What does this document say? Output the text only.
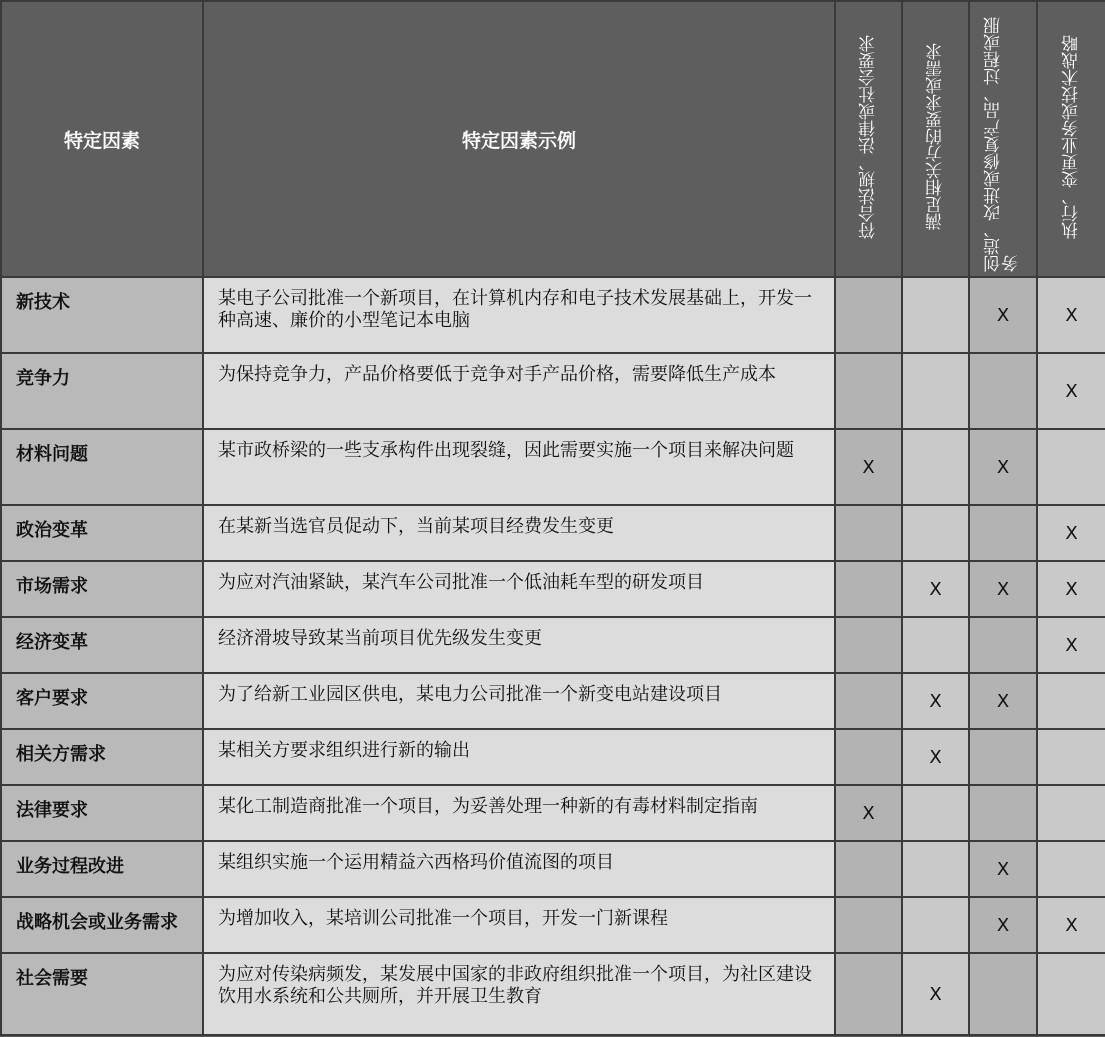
特定因素	特定因素示例	符合法规、法律或社会要求	满足相关方的要求或需求	创造、改进或修复产品、过程或服务	执行、变更业务或技术战略
新技术	某电子公司批准一个新项目，在计算机内存和电子技术发展基础上，开发一种高速、廉价的小型笔记本电脑			X	X
竞争力	为保持竞争力，产品价格要低于竞争对手产品价格，需要降低生产成本				X
材料问题	某市政桥梁的一些支承构件出现裂缝，因此需要实施一个项目来解决问题	X		X	
政治变革	在某新当选官员促动下，当前某项目经费发生变更				X
市场需求	为应对汽油紧缺，某汽车公司批准一个低油耗车型的研发项目		X	X	X
经济变革	经济滑坡导致某当前项目优先级发生变更				X
客户要求	为了给新工业园区供电，某电力公司批准一个新变电站建设项目		X	X	
相关方需求	某相关方要求组织进行新的输出		X		
法律要求	某化工制造商批准一个项目，为妥善处理一种新的有毒材料制定指南	X			
业务过程改进	某组织实施一个运用精益六西格玛价值流图的项目			X	
战略机会或业务需求	为增加收入，某培训公司批准一个项目，开发一门新课程			X	X
社会需要	为应对传染病频发，某发展中国家的非政府组织批准一个项目，为社区建设饮用水系统和公共厕所，并开展卫生教育		X		
